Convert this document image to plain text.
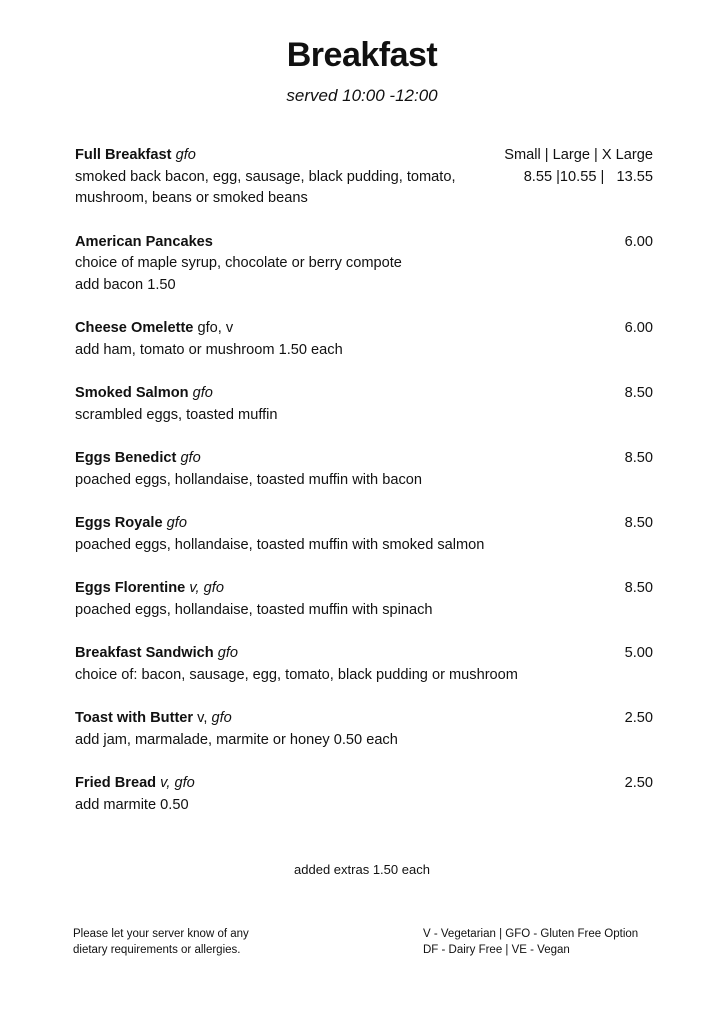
Breakfast
served 10:00 -12:00
Full Breakfast gfo
smoked back bacon, egg, sausage, black pudding, tomato, mushroom, beans or smoked beans
Small | Large | X Large
8.55 |10.55 |   13.55
American Pancakes
choice of maple syrup, chocolate or berry compote
add bacon 1.50
6.00
Cheese Omelette gfo, v
add ham, tomato or mushroom 1.50 each
6.00
Smoked Salmon gfo
scrambled eggs, toasted muffin
8.50
Eggs Benedict gfo
poached eggs, hollandaise, toasted muffin with bacon
8.50
Eggs Royale gfo
poached eggs, hollandaise, toasted muffin with smoked salmon
8.50
Eggs Florentine v, gfo
poached eggs, hollandaise, toasted muffin with spinach
8.50
Breakfast Sandwich gfo
choice of: bacon, sausage, egg, tomato, black pudding or mushroom
5.00
Toast with Butter v, gfo
add jam, marmalade, marmite or honey 0.50 each
2.50
Fried Bread v, gfo
add marmite 0.50
2.50
added extras 1.50 each
Please let your server know of any
dietary requirements or allergies.
V - Vegetarian | GFO - Gluten Free Option
DF - Dairy Free | VE - Vegan
